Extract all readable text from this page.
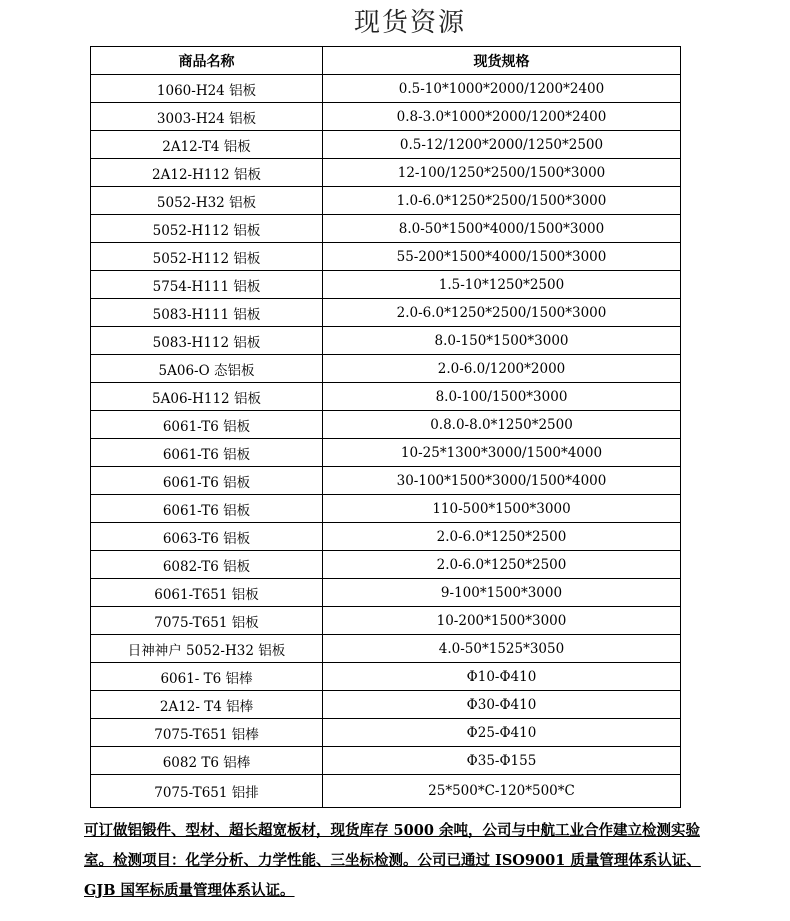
现货资源
商品名称	现货规格
1060-H24 铝板	0.5-10*1000*2000/1200*2400
3003-H24 铝板	0.8-3.0*1000*2000/1200*2400
2A12-T4 铝板	0.5-12/1200*2000/1250*2500
2A12-H112 铝板	12-100/1250*2500/1500*3000
5052-H32 铝板	1.0-6.0*1250*2500/1500*3000
5052-H112 铝板	8.0-50*1500*4000/1500*3000
5052-H112 铝板	55-200*1500*4000/1500*3000
5754-H111 铝板	1.5-10*1250*2500
5083-H111 铝板	2.0-6.0*1250*2500/1500*3000
5083-H112 铝板	8.0-150*1500*3000
5A06-O 态铝板	2.0-6.0/1200*2000
5A06-H112 铝板	8.0-100/1500*3000
6061-T6 铝板	0.8.0-8.0*1250*2500
6061-T6 铝板	10-25*1300*3000/1500*4000
6061-T6 铝板	30-100*1500*3000/1500*4000
6061-T6 铝板	110-500*1500*3000
6063-T6 铝板	2.0-6.0*1250*2500
6082-T6 铝板	2.0-6.0*1250*2500
6061-T651 铝板	9-100*1500*3000
7075-T651 铝板	10-200*1500*3000
日神神户 5052-H32 铝板	4.0-50*1525*3050
6061- T6 铝棒	Φ10-Φ410
2A12- T4 铝棒	Φ30-Φ410
7075-T651 铝棒	Φ25-Φ410
6082 T6 铝棒	Φ35-Φ155
7075-T651 铝排	25*500*C-120*500*C

可订做铝锻件、型材、超长超宽板材，现货库存 5000 余吨，公司与中航工业合作建立检测实验室。检测项目：化学分析、力学性能、三坐标检测。公司已通过 ISO9001 质量管理体系认证、GJB 国军标质量管理体系认证。
